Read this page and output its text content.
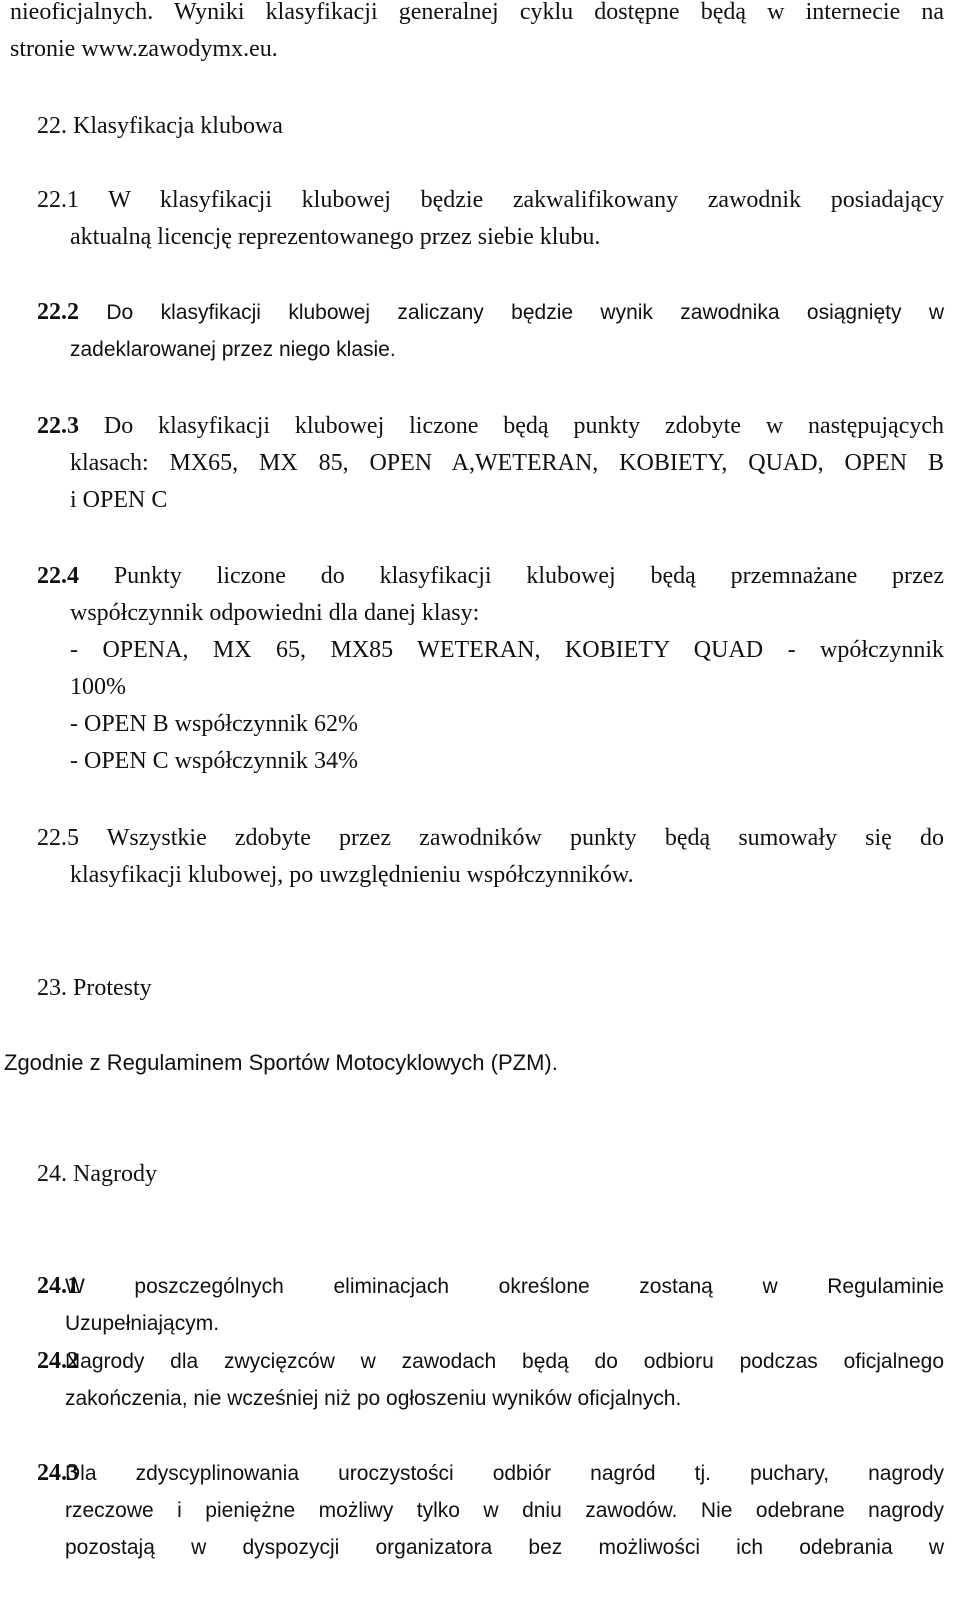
nieoficjalnych. Wyniki klasyfikacji generalnej cyklu dostępne będą w internecie na
stronie www.zawodymx.eu.
22. Klasyfikacja klubowa
22.1 W klasyfikacji klubowej będzie zakwalifikowany zawodnik posiadający
aktualną licencję reprezentowanego przez siebie klubu.
22.2 Do klasyfikacji klubowej zaliczany będzie wynik zawodnika osiągnięty w
zadeklarowanej przez niego klasie.
22.3 Do klasyfikacji klubowej liczone będą punkty zdobyte w następujących
klasach: MX65, MX 85, OPEN A,WETERAN, KOBIETY, QUAD, OPEN B
i OPEN C
22.4 Punkty liczone do klasyfikacji klubowej będą przemnażane przez
współczynnik odpowiedni dla danej klasy:
- OPENA, MX 65, MX85 WETERAN, KOBIETY QUAD - wpółczynnik
100%
- OPEN B współczynnik 62%
- OPEN C współczynnik 34%
22.5 Wszystkie zdobyte przez zawodników punkty będą sumowały się do
klasyfikacji klubowej, po uwzględnieniu współczynników.
23. Protesty
Zgodnie z Regulaminem Sportów Motocyklowych (PZM).
24. Nagrody
24.1
W poszczególnych eliminacjach określone zostaną w Regulaminie
Uzupełniającym.
24.2
Nagrody dla zwycięzców w zawodach będą do odbioru podczas oficjalnego
zakończenia, nie wcześniej niż po ogłoszeniu wyników oficjalnych.
24.3
Dla zdyscyplinowania uroczystości odbiór nagród tj. puchary, nagrody
rzeczowe i pieniężne możliwy tylko w dniu zawodów. Nie odebrane nagrody
pozostają w dyspozycji organizatora bez możliwości ich odebrania w
